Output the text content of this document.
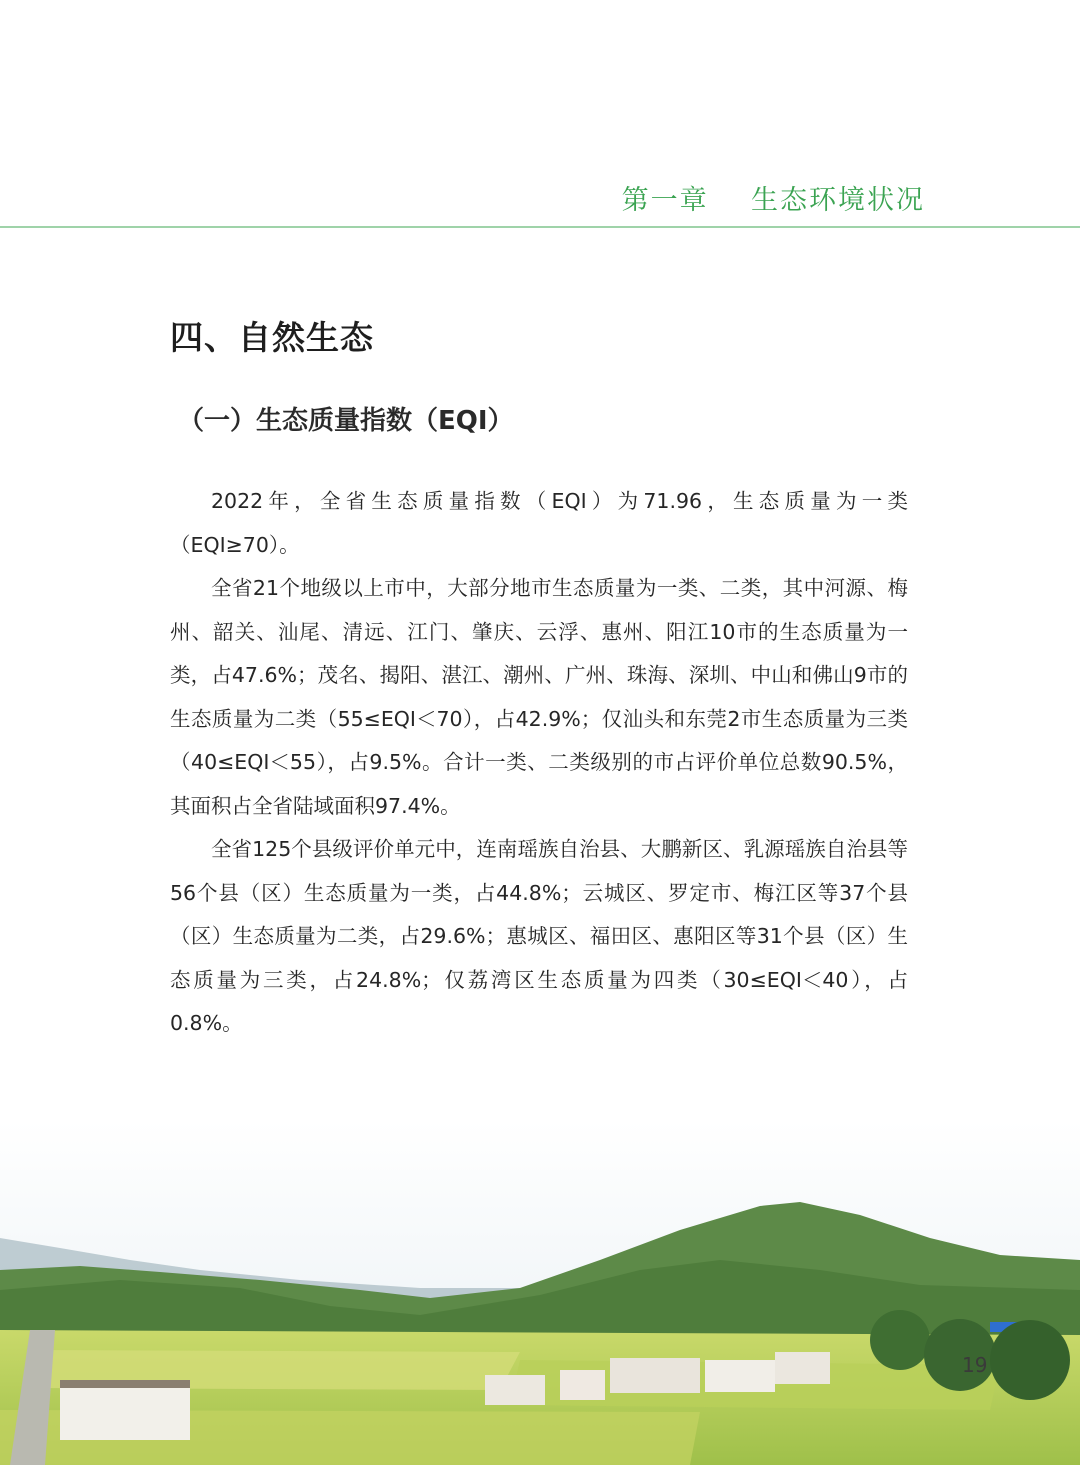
第一章    生态环境状况
四、自然生态
（一）生态质量指数（EQI）

2022年，全省生态质量指数（EQI）为71.96，生态质量为一类（EQI≥70）。

全省21个地级以上市中，大部分地市生态质量为一类、二类，其中河源、梅州、韶关、汕尾、清远、江门、肇庆、云浮、惠州、阳江10市的生态质量为一类，占47.6%；茂名、揭阳、湛江、潮州、广州、珠海、深圳、中山和佛山9市的生态质量为二类（55≤EQI＜70），占42.9%；仅汕头和东莞2市生态质量为三类（40≤EQI＜55），占9.5%。合计一类、二类级别的市占评价单位总数90.5%，其面积占全省陆域面积97.4%。

全省125个县级评价单元中，连南瑶族自治县、大鹏新区、乳源瑶族自治县等56个县（区）生态质量为一类，占44.8%；云城区、罗定市、梅江区等37个县（区）生态质量为二类，占29.6%；惠城区、福田区、惠阳区等31个县（区）生态质量为三类，占24.8%；仅荔湾区生态质量为四类（30≤EQI＜40），占0.8%。

19
